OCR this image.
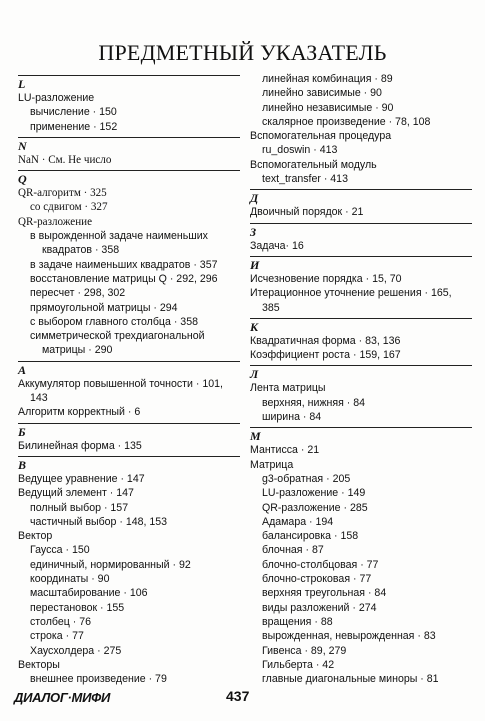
ПРЕДМЕТНЫЙ УКАЗАТЕЛЬ
L
LU-разложение
вычисление · 150
применение · 152
N
NaN · См. Не число
Q
QR-алгоритм · 325
со сдвигом · 327
QR-разложение
в вырожденной задаче наименьших квадратов · 358
в задаче наименьших квадратов · 357
восстановление матрицы Q · 292, 296
пересчет · 298, 302
прямоугольной матрицы · 294
с выбором главного столбца · 358
симметрической трехдиагональной матрицы · 290
А
Аккумулятор повышенной точности · 101, 143
Алгоритм корректный · 6
Б
Билинейная форма · 135
В
Ведущее уравнение · 147
Ведущий элемент · 147
полный выбор · 157
частичный выбор · 148, 153
Вектор
Гаусса · 150
единичный, нормированный · 92
координаты · 90
масштабирование · 106
перестановок · 155
столбец · 76
строка · 77
Хаусхолдера · 275
Векторы
внешнее произведение · 79
линейная комбинация · 89
линейно зависимые · 90
линейно независимые · 90
скалярное произведение · 78, 108
Вспомогательная процедура
ru_doswin · 413
Вспомогательный модуль
text_transfer · 413
Д
Двоичный порядок · 21
З
Задача· 16
И
Исчезновение порядка · 15, 70
Итерационное уточнение решения · 165, 385
К
Квадратичная форма · 83, 136
Коэффициент роста · 159, 167
Л
Лента матрицы
верхняя, нижняя · 84
ширина · 84
М
Мантисса · 21
Матрица
g3-обратная · 205
LU-разложение · 149
QR-разложение · 285
Адамара · 194
балансировка · 158
блочная · 87
блочно-столбцовая · 77
блочно-строковая · 77
верхняя треугольная · 84
виды разложений · 274
вращения · 88
вырожденная, невырожденная · 83
Гивенса · 89, 279
Гильберта · 42
главные диагональные миноры · 81
ДИАЛОГ·МИФИ	437
